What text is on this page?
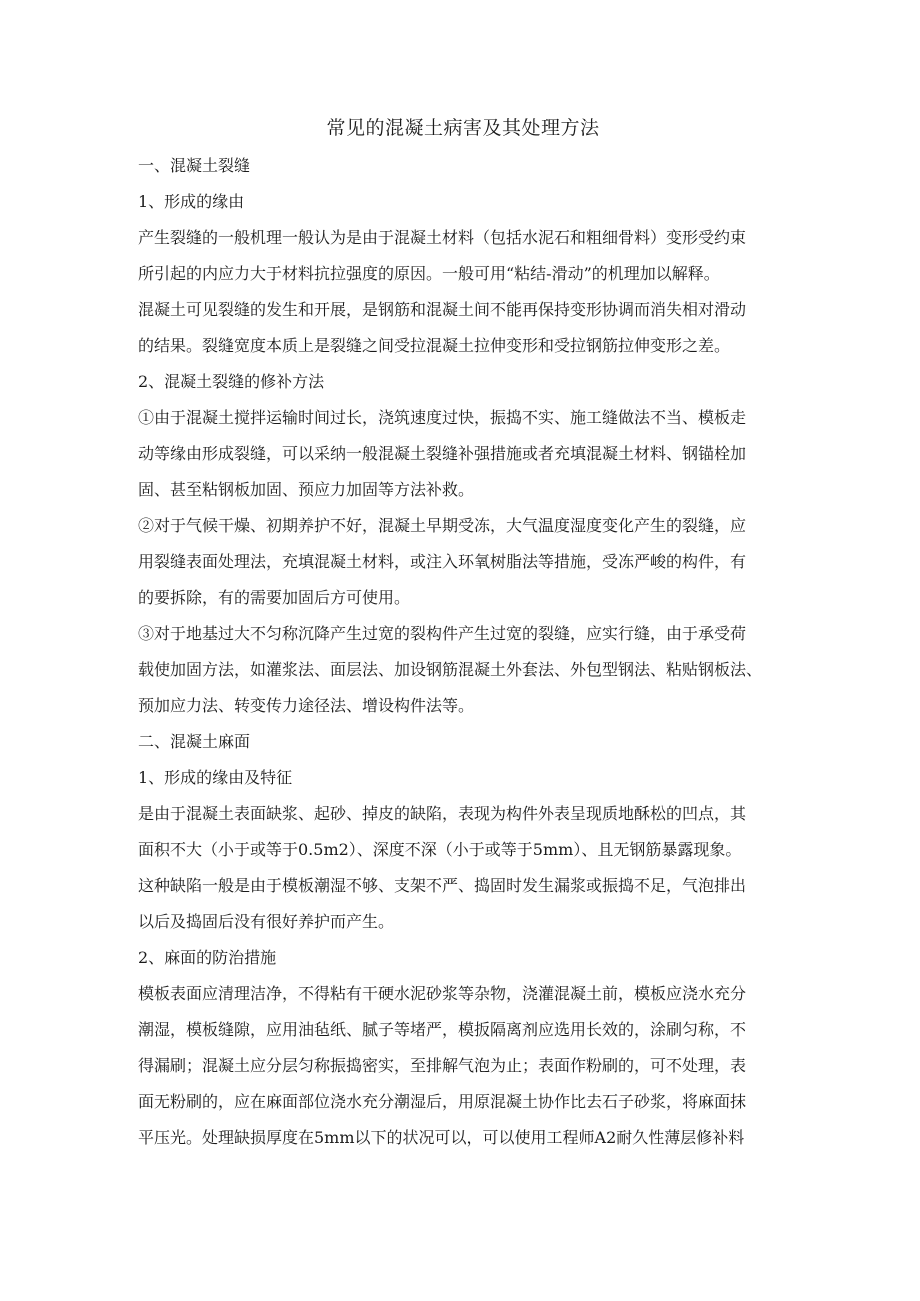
常见的混凝土病害及其处理方法

一、混凝土裂缝

1、形成的缘由

产生裂缝的一般机理一般认为是由于混凝土材料（包括水泥石和粗细骨料）变形受约束

所引起的内应力大于材料抗拉强度的原因。一般可用“粘结-滑动”的机理加以解释。

混凝土可见裂缝的发生和开展，是钢筋和混凝土间不能再保持变形协调而消失相对滑动

的结果。裂缝宽度本质上是裂缝之间受拉混凝土拉伸变形和受拉钢筋拉伸变形之差。

2、混凝土裂缝的修补方法

①由于混凝土搅拌运输时间过长，浇筑速度过快，振捣不实、施工缝做法不当、模板走

动等缘由形成裂缝，可以采纳一般混凝土裂缝补强措施或者充填混凝土材料、钢锚栓加

固、甚至粘钢板加固、预应力加固等方法补救。

②对于气候干燥、初期养护不好，混凝土早期受冻，大气温度湿度变化产生的裂缝，应

用裂缝表面处理法，充填混凝土材料，或注入环氧树脂法等措施，受冻严峻的构件，有

的要拆除，有的需要加固后方可使用。

③对于地基过大不匀称沉降产生过宽的裂构件产生过宽的裂缝，应实行缝，由于承受荷

载使加固方法，如灌浆法、面层法、加设钢筋混凝土外套法、外包型钢法、粘贴钢板法、

预加应力法、转变传力途径法、增设构件法等。

二、混凝土麻面

1、形成的缘由及特征

是由于混凝土表面缺浆、起砂、掉皮的缺陷，表现为构件外表呈现质地酥松的凹点，其

面积不大（小于或等于0.5m2）、深度不深（小于或等于5mm）、且无钢筋暴露现象。

这种缺陷一般是由于模板潮湿不够、支架不严、捣固时发生漏浆或振捣不足，气泡排出

以后及捣固后没有很好养护而产生。

2、麻面的防治措施

模板表面应清理洁净，不得粘有干硬水泥砂浆等杂物，浇灌混凝土前，模板应浇水充分

潮湿，模板缝隙，应用油毡纸、腻子等堵严，模扳隔离剂应选用长效的，涂刷匀称，不

得漏刷；混凝土应分层匀称振捣密实，至排解气泡为止；表面作粉刷的，可不处理，表

面无粉刷的，应在麻面部位浇水充分潮湿后，用原混凝土协作比去石子砂浆，将麻面抹

平压光。处理缺损厚度在5mm以下的状况可以，可以使用工程师A2耐久性薄层修补料
